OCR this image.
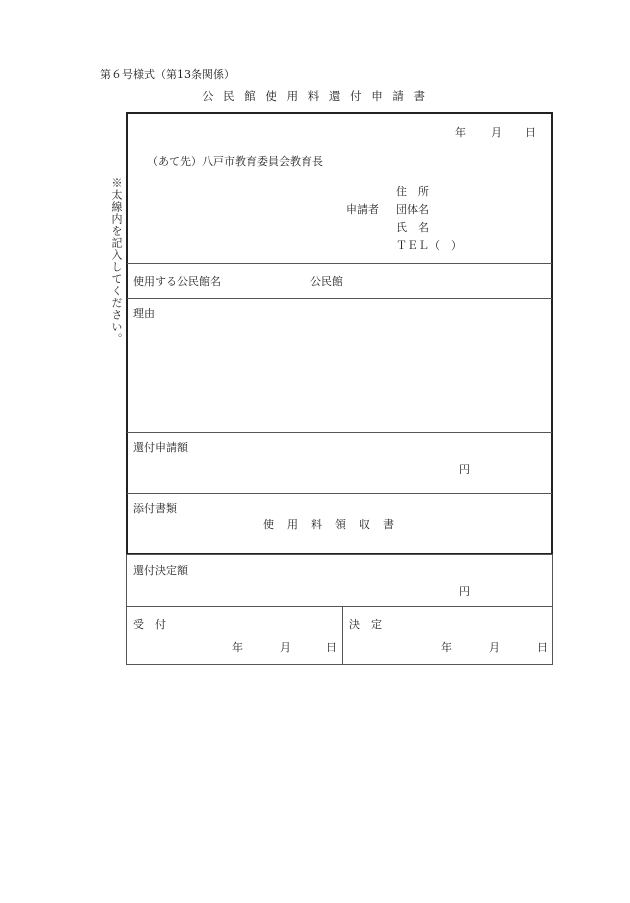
第６号様式（第13条関係）
公 民 館 使 用 料 還 付 申 請 書
※太線内を記入してください。
年 月 日
（あて先）八戸市教育委員会教育長
申請者
住　所
団体名
氏　名
ＴＥＬ（　）
使用する公民館名	公民館
理由
還付申請額
円
添付書類
使　用　料　領　収　書
還付決定額
円
受　付
年	月	日
決　定
年	月	日
